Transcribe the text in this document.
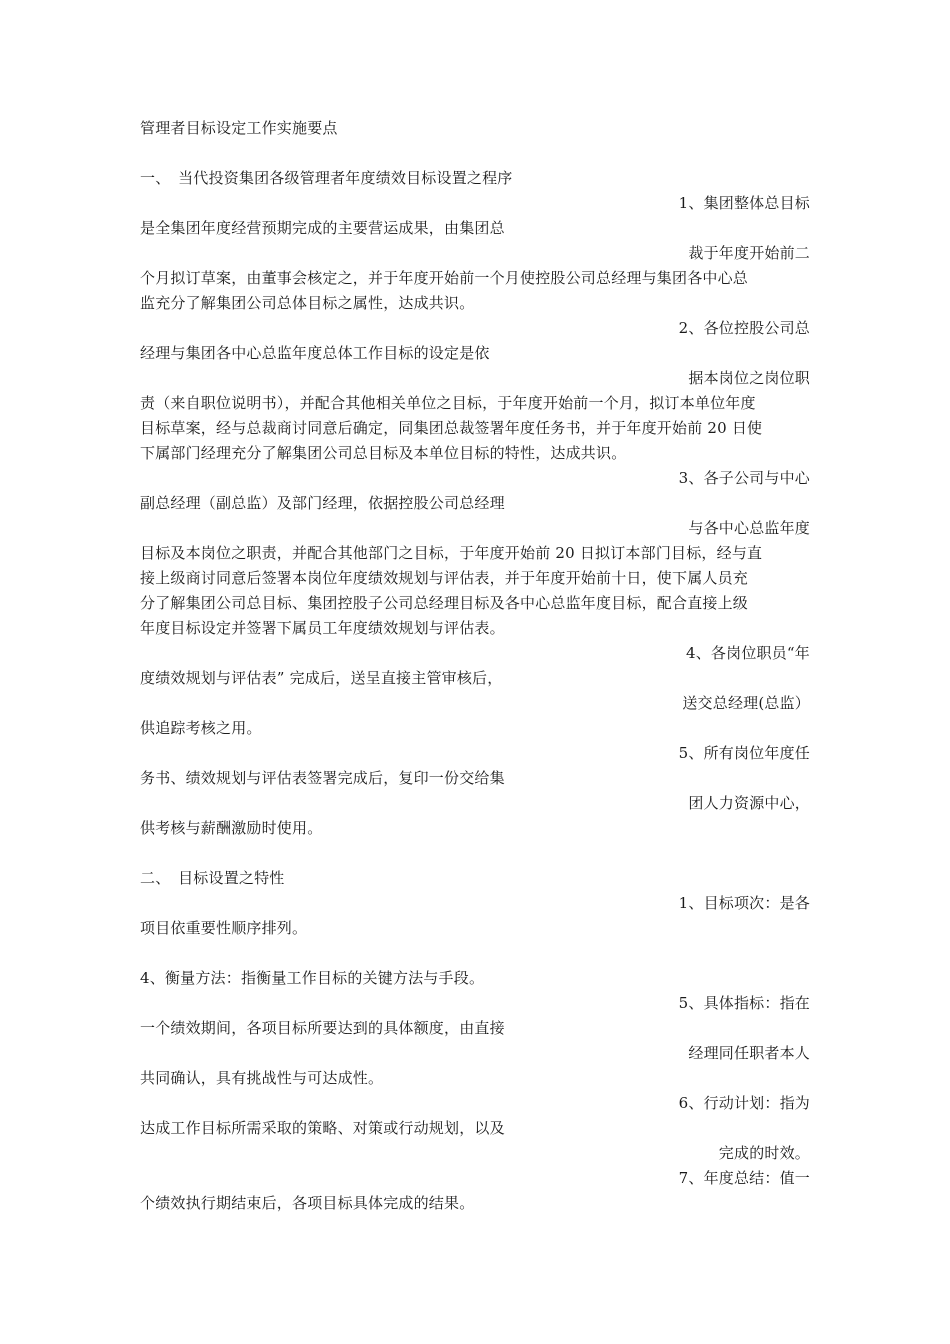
管理者目标设定工作实施要点
一、　当代投资集团各级管理者年度绩效目标设置之程序
1、集团整体总目标
是全集团年度经营预期完成的主要营运成果，由集团总
裁于年度开始前二
个月拟订草案，由董事会核定之，并于年度开始前一个月使控股公司总经理与集团各中心总
监充分了解集团公司总体目标之属性，达成共识。
2、各位控股公司总
经理与集团各中心总监年度总体工作目标的设定是依
据本岗位之岗位职
责（来自职位说明书），并配合其他相关单位之目标，于年度开始前一个月，拟订本单位年度
目标草案，经与总裁商讨同意后确定，同集团总裁签署年度任务书，并于年度开始前 20 日使
下属部门经理充分了解集团公司总目标及本单位目标的特性，达成共识。
3、各子公司与中心
副总经理（副总监）及部门经理，依据控股公司总经理
与各中心总监年度
目标及本岗位之职责，并配合其他部门之目标，于年度开始前 20 日拟订本部门目标，经与直
接上级商讨同意后签署本岗位年度绩效规划与评估表，并于年度开始前十日，使下属人员充
分了解集团公司总目标、集团控股子公司总经理目标及各中心总监年度目标，配合直接上级
年度目标设定并签署下属员工年度绩效规划与评估表。
4、各岗位职员“年
度绩效规划与评估表” 完成后，送呈直接主管审核后，
送交总经理(总监）
供追踪考核之用。
5、所有岗位年度任
务书、绩效规划与评估表签署完成后，复印一份交给集
团人力资源中心，
供考核与薪酬激励时使用。
二、　目标设置之特性
1、目标项次：是各
项目依重要性顺序排列。
4、衡量方法：指衡量工作目标的关键方法与手段。
5、具体指标：指在
一个绩效期间，各项目标所要达到的具体额度，由直接
经理同任职者本人
共同确认，具有挑战性与可达成性。
6、行动计划：指为
达成工作目标所需采取的策略、对策或行动规划，以及
完成的时效。
7、年度总结：值一
个绩效执行期结束后，各项目标具体完成的结果。
